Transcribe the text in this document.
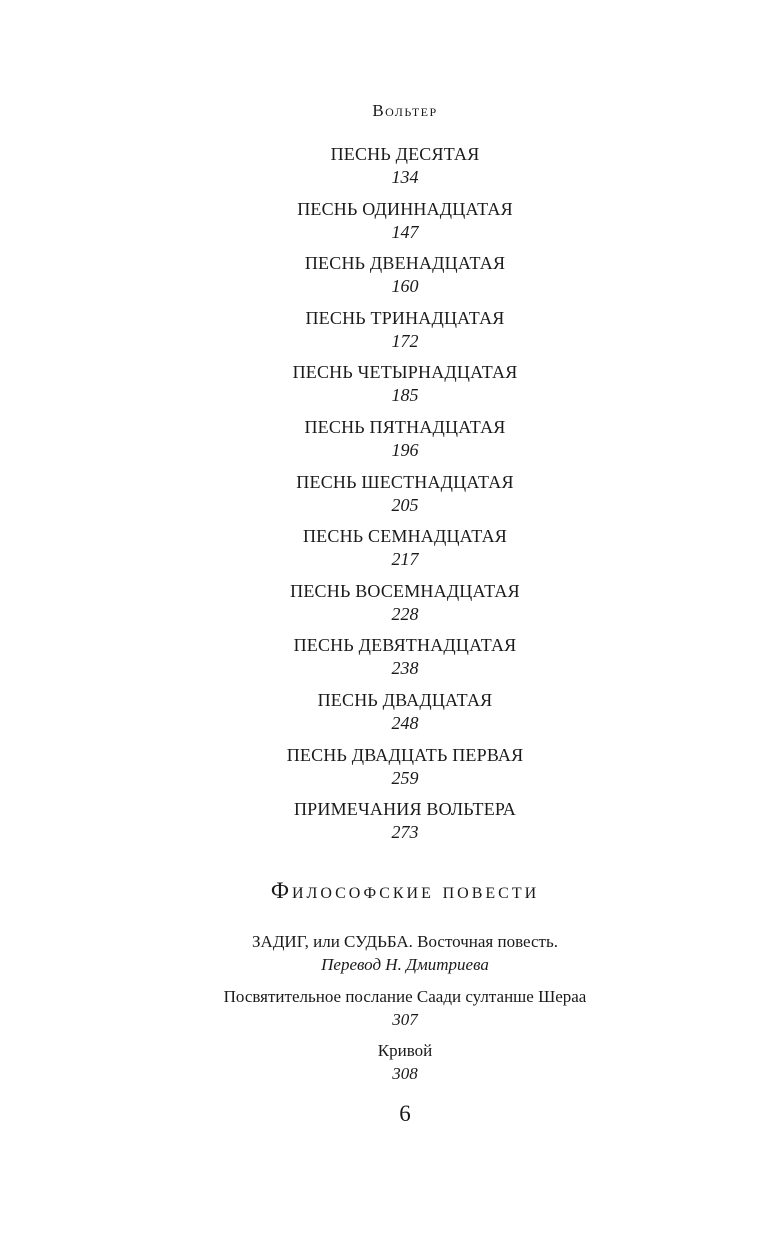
Вольтер
ПЕСНЬ ДЕСЯТАЯ
134
ПЕСНЬ ОДИННАДЦАТАЯ
147
ПЕСНЬ ДВЕНАДЦАТАЯ
160
ПЕСНЬ ТРИНАДЦАТАЯ
172
ПЕСНЬ ЧЕТЫРНАДЦАТАЯ
185
ПЕСНЬ ПЯТНАДЦАТАЯ
196
ПЕСНЬ ШЕСТНАДЦАТАЯ
205
ПЕСНЬ СЕМНАДЦАТАЯ
217
ПЕСНЬ ВОСЕМНАДЦАТАЯ
228
ПЕСНЬ ДЕВЯТНАДЦАТАЯ
238
ПЕСНЬ ДВАДЦАТАЯ
248
ПЕСНЬ ДВАДЦАТЬ ПЕРВАЯ
259
ПРИМЕЧАНИЯ ВОЛЬТЕРА
273
Философские повести
ЗАДИГ, или СУДЬБА. Восточная повесть.
Перевод Н. Дмитриева
Посвятительное послание Саади султанше Шераа
307
Кривой
308
6
